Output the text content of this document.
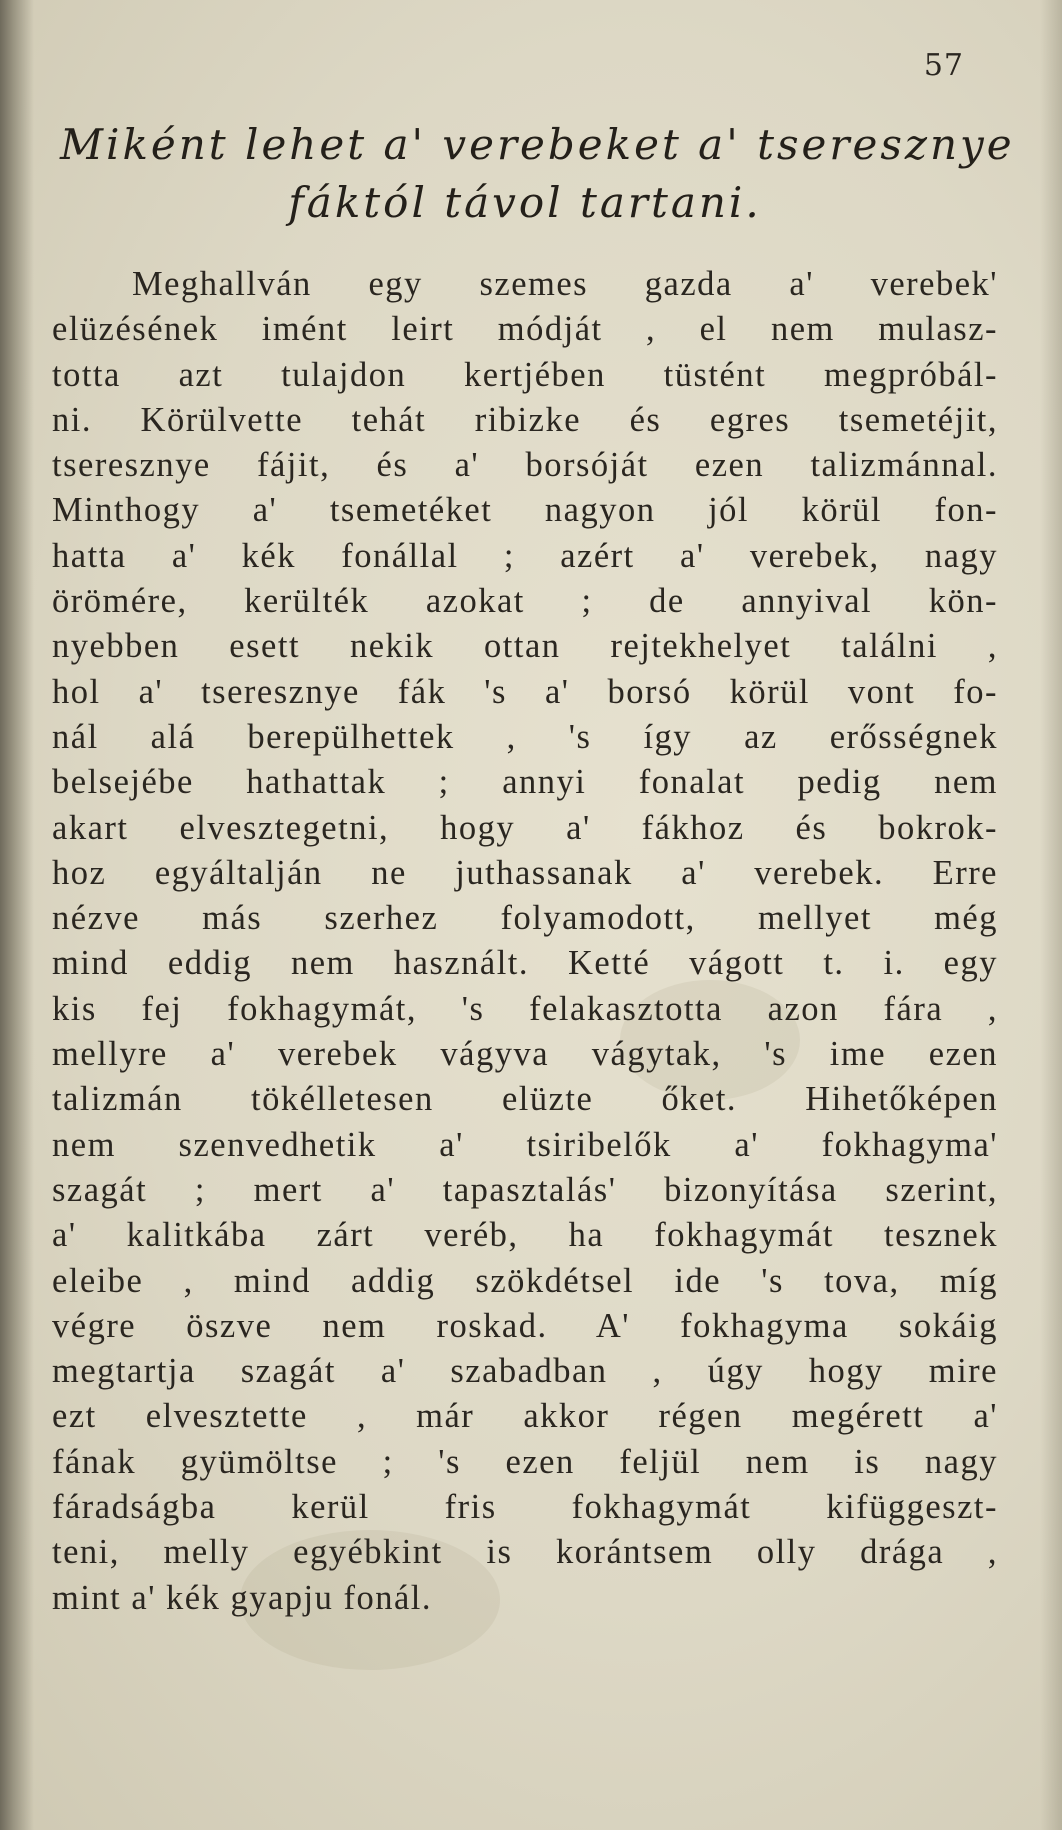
57
Miként lehet a' verebeket a' tseresznye
fáktól távol tartani.
Meghallván egy szemes gazda a' verebek'
elüzésének imént leirt módját , el nem mulasz-
totta azt tulajdon kertjében tüstént megpróbál-
ni. Körülvette tehát ribizke és egres tsemetéjit,
tseresznye fájit, és a' borsóját ezen talizmánnal.
Minthogy a' tsemetéket nagyon jól körül fon-
hatta a' kék fonállal ; azért a' verebek, nagy
örömére, kerülték azokat ; de annyival kön-
nyebben esett nekik ottan rejtekhelyet találni ,
hol a' tseresznye fák 's a' borsó körül vont fo-
nál alá berepülhettek , 's így az erősségnek
belsejébe hathattak ; annyi fonalat pedig nem
akart elvesztegetni, hogy a' fákhoz és bokrok-
hoz egyáltalján ne juthassanak a' verebek. Erre
nézve más szerhez folyamodott, mellyet még
mind eddig nem használt. Ketté vágott t. i. egy
kis fej fokhagymát, 's felakasztotta azon fára ,
mellyre a' verebek vágyva vágytak, 's ime ezen
talizmán tökélletesen elüzte őket. Hihetőképen
nem szenvedhetik a' tsiribelők a' fokhagyma'
szagát ; mert a' tapasztalás' bizonyítása szerint,
a' kalitkába zárt veréb, ha fokhagymát tesznek
eleibe , mind addig szökdétsel ide 's tova, míg
végre öszve nem roskad. A' fokhagyma sokáig
megtartja szagát a' szabadban , úgy hogy mire
ezt elvesztette , már akkor régen megérett a'
fának gyümöltse ; 's ezen feljül nem is nagy
fáradságba kerül fris fokhagymát kifüggeszt-
teni, melly egyébkint is korántsem olly drága ,
mint a' kék gyapju fonál.
